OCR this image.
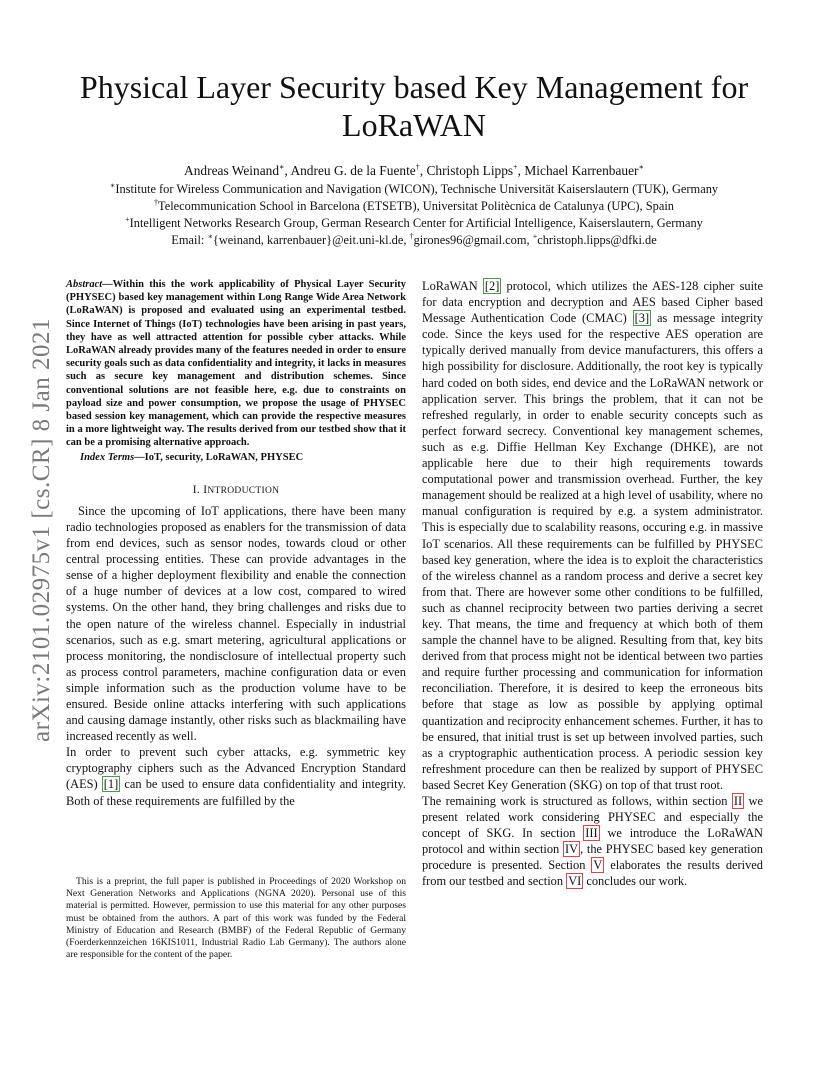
Physical Layer Security based Key Management for
LoRaWAN
Andreas Weinand∗, Andreu G. de la Fuente†, Christoph Lipps+, Michael Karrenbauer∗
∗Institute for Wireless Communication and Navigation (WICON), Technische Universität Kaiserslautern (TUK), Germany
†Telecommunication School in Barcelona (ETSETB), Universitat Politècnica de Catalunya (UPC), Spain
+Intelligent Networks Research Group, German Research Center for Artificial Intelligence, Kaiserslautern, Germany
Email: ∗{weinand, karrenbauer}@eit.uni-kl.de, †girones96@gmail.com, +christoph.lipps@dfki.de
arXiv:2101.02975v1 [cs.CR] 8 Jan 2021
Abstract—Within this the work applicability of Physical Layer Security (PHYSEC) based key management within Long Range Wide Area Network (LoRaWAN) is proposed and evaluated using an experimental testbed. Since Internet of Things (IoT) technologies have been arising in past years, they have as well attracted attention for possible cyber attacks. While LoRaWAN already provides many of the features needed in order to ensure security goals such as data confidentiality and integrity, it lacks in measures such as secure key management and distribution schemes. Since conventional solutions are not feasible here, e.g. due to constraints on payload size and power consumption, we propose the usage of PHYSEC based session key management, which can provide the respective measures in a more lightweight way. The results derived from our testbed show that it can be a promising alternative approach.
Index Terms—IoT, security, LoRaWAN, PHYSEC
I. INTRODUCTION

Since the upcoming of IoT applications, there have been many radio technologies proposed as enablers for the transmission of data from end devices, such as sensor nodes, towards cloud or other central processing entities. These can provide advantages in the sense of a higher deployment flexibility and enable the connection of a huge number of devices at a low cost, compared to wired systems. On the other hand, they bring challenges and risks due to the open nature of the wireless channel. Especially in industrial scenarios, such as e.g. smart metering, agricultural applications or process monitoring, the nondisclosure of intellectual property such as process control parameters, machine configuration data or even simple information such as the production volume have to be ensured. Beside online attacks interfering with such applications and causing damage instantly, other risks such as blackmailing have increased recently as well.

In order to prevent such cyber attacks, e.g. symmetric key cryptography ciphers such as the Advanced Encryption Standard (AES) [1] can be used to ensure data confidentiality and integrity. Both of these requirements are fulfilled by the

This is a preprint, the full paper is published in Proceedings of 2020 Workshop on Next Generation Networks and Applications (NGNA 2020). Personal use of this material is permitted. However, permission to use this material for any other purposes must be obtained from the authors. A part of this work was funded by the Federal Ministry of Education and Research (BMBF) of the Federal Republic of Germany (Foerderkennzeichen 16KIS1011, Industrial Radio Lab Germany). The authors alone are responsible for the content of the paper.

LoRaWAN [2] protocol, which utilizes the AES-128 cipher suite for data encryption and decryption and AES based Cipher based Message Authentication Code (CMAC) [3] as message integrity code. Since the keys used for the respective AES operation are typically derived manually from device manufacturers, this offers a high possibility for disclosure. Additionally, the root key is typically hard coded on both sides, end device and the LoRaWAN network or application server. This brings the problem, that it can not be refreshed regularly, in order to enable security concepts such as perfect forward secrecy. Conventional key management schemes, such as e.g. Diffie Hellman Key Exchange (DHKE), are not applicable here due to their high requirements towards computational power and transmission overhead. Further, the key management should be realized at a high level of usability, where no manual configuration is required by e.g. a system administrator. This is especially due to scalability reasons, occuring e.g. in massive IoT scenarios. All these requirements can be fulfilled by PHYSEC based key generation, where the idea is to exploit the characteristics of the wireless channel as a random process and derive a secret key from that. There are however some other conditions to be fulfilled, such as channel reciprocity between two parties deriving a secret key. That means, the time and frequency at which both of them sample the channel have to be aligned. Resulting from that, key bits derived from that process might not be identical between two parties and require further processing and communication for information reconciliation. Therefore, it is desired to keep the erroneous bits before that stage as low as possible by applying optimal quantization and reciprocity enhancement schemes. Further, it has to be ensured, that initial trust is set up between involved parties, such as a cryptographic authentication process. A periodic session key refreshment procedure can then be realized by support of PHYSEC based Secret Key Generation (SKG) on top of that trust root.

The remaining work is structured as follows, within section II we present related work considering PHYSEC and especially the concept of SKG. In section III we introduce the LoRaWAN protocol and within section IV , the PHYSEC based key generation procedure is presented. Section V elaborates the results derived from our testbed and section VI concludes our work.
